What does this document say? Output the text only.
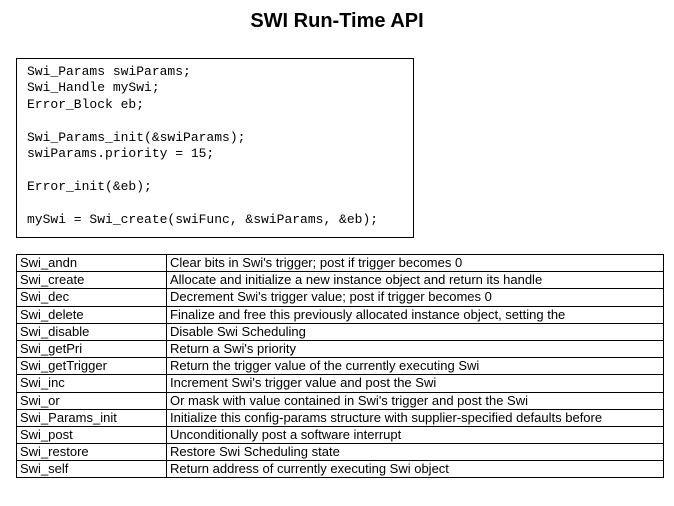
SWI Run-Time API
Swi_Params swiParams;
Swi_Handle mySwi;
Error_Block eb;
Swi_Params_init(&swiParams);
swiParams.priority = 15;
Error_init(&eb);
mySwi = Swi_create(swiFunc, &swiParams, &eb);
Swi_andn	Clear bits in Swi's trigger; post if trigger becomes 0
Swi_create	Allocate and initialize a new instance object and return its handle
Swi_dec	Decrement Swi's trigger value; post if trigger becomes 0
Swi_delete	Finalize and free this previously allocated instance object, setting the
Swi_disable	Disable Swi Scheduling
Swi_getPri	Return a Swi's priority
Swi_getTrigger	Return the trigger value of the currently executing Swi
Swi_inc	Increment Swi's trigger value and post the Swi
Swi_or	Or mask with value contained in Swi's trigger and post the Swi
Swi_Params_init	Initialize this config-params structure with supplier-specified defaults before
Swi_post	Unconditionally post a software interrupt
Swi_restore	Restore Swi Scheduling state
Swi_self	Return address of currently executing Swi object
